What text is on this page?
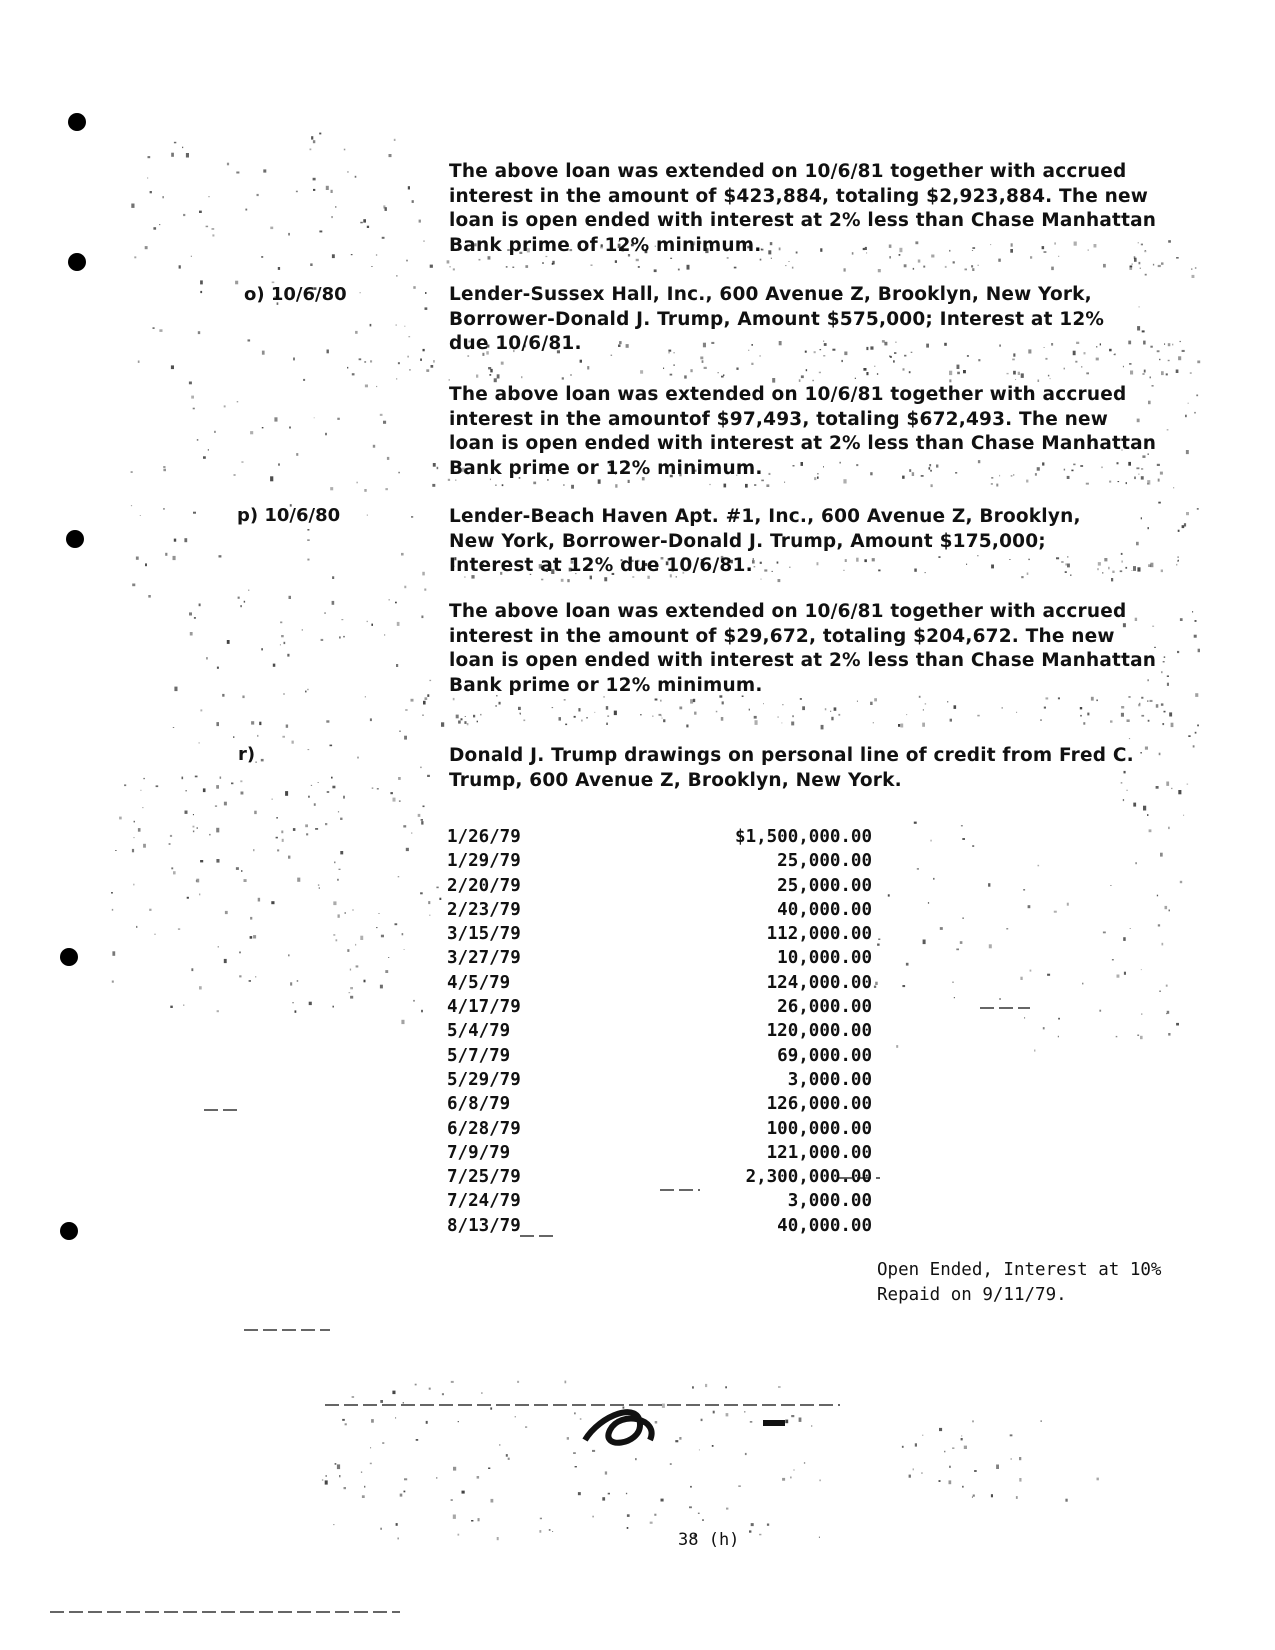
The above loan was extended on 10/6/81 together with accrued
interest in the amount of $423,884, totaling $2,923,884. The new
loan is open ended with interest at 2% less than Chase Manhattan
Bank prime of 12% minimum.
o) 10/6/80	Lender-Sussex Hall, Inc., 600 Avenue Z, Brooklyn, New York,
Borrower-Donald J. Trump, Amount $575,000; Interest at 12%
due 10/6/81.
The above loan was extended on 10/6/81 together with accrued
interest in the amountof $97,493, totaling $672,493. The new
loan is open ended with interest at 2% less than Chase Manhattan
Bank prime or 12% minimum.
p) 10/6/80	Lender-Beach Haven Apt. #1, Inc., 600 Avenue Z, Brooklyn,
New York, Borrower-Donald J. Trump, Amount $175,000;
Interest at 12% due 10/6/81.
The above loan was extended on 10/6/81 together with accrued
interest in the amount of $29,672, totaling $204,672. The new
loan is open ended with interest at 2% less than Chase Manhattan
Bank prime or 12% minimum.
r)	Donald J. Trump drawings on personal line of credit from Fred C.
Trump, 600 Avenue Z, Brooklyn, New York.
1/26/79	$1,500,000.00
1/29/79	25,000.00
2/20/79	25,000.00
2/23/79	40,000.00
3/15/79	112,000.00
3/27/79	10,000.00
4/5/79	124,000.00
4/17/79	26,000.00
5/4/79	120,000.00
5/7/79	69,000.00
5/29/79	3,000.00
6/8/79	126,000.00
6/28/79	100,000.00
7/9/79	121,000.00
7/25/79	2,300,000.00
7/24/79	3,000.00
8/13/79	40,000.00
Open Ended, Interest at 10%
Repaid on 9/11/79.
38 (h)
